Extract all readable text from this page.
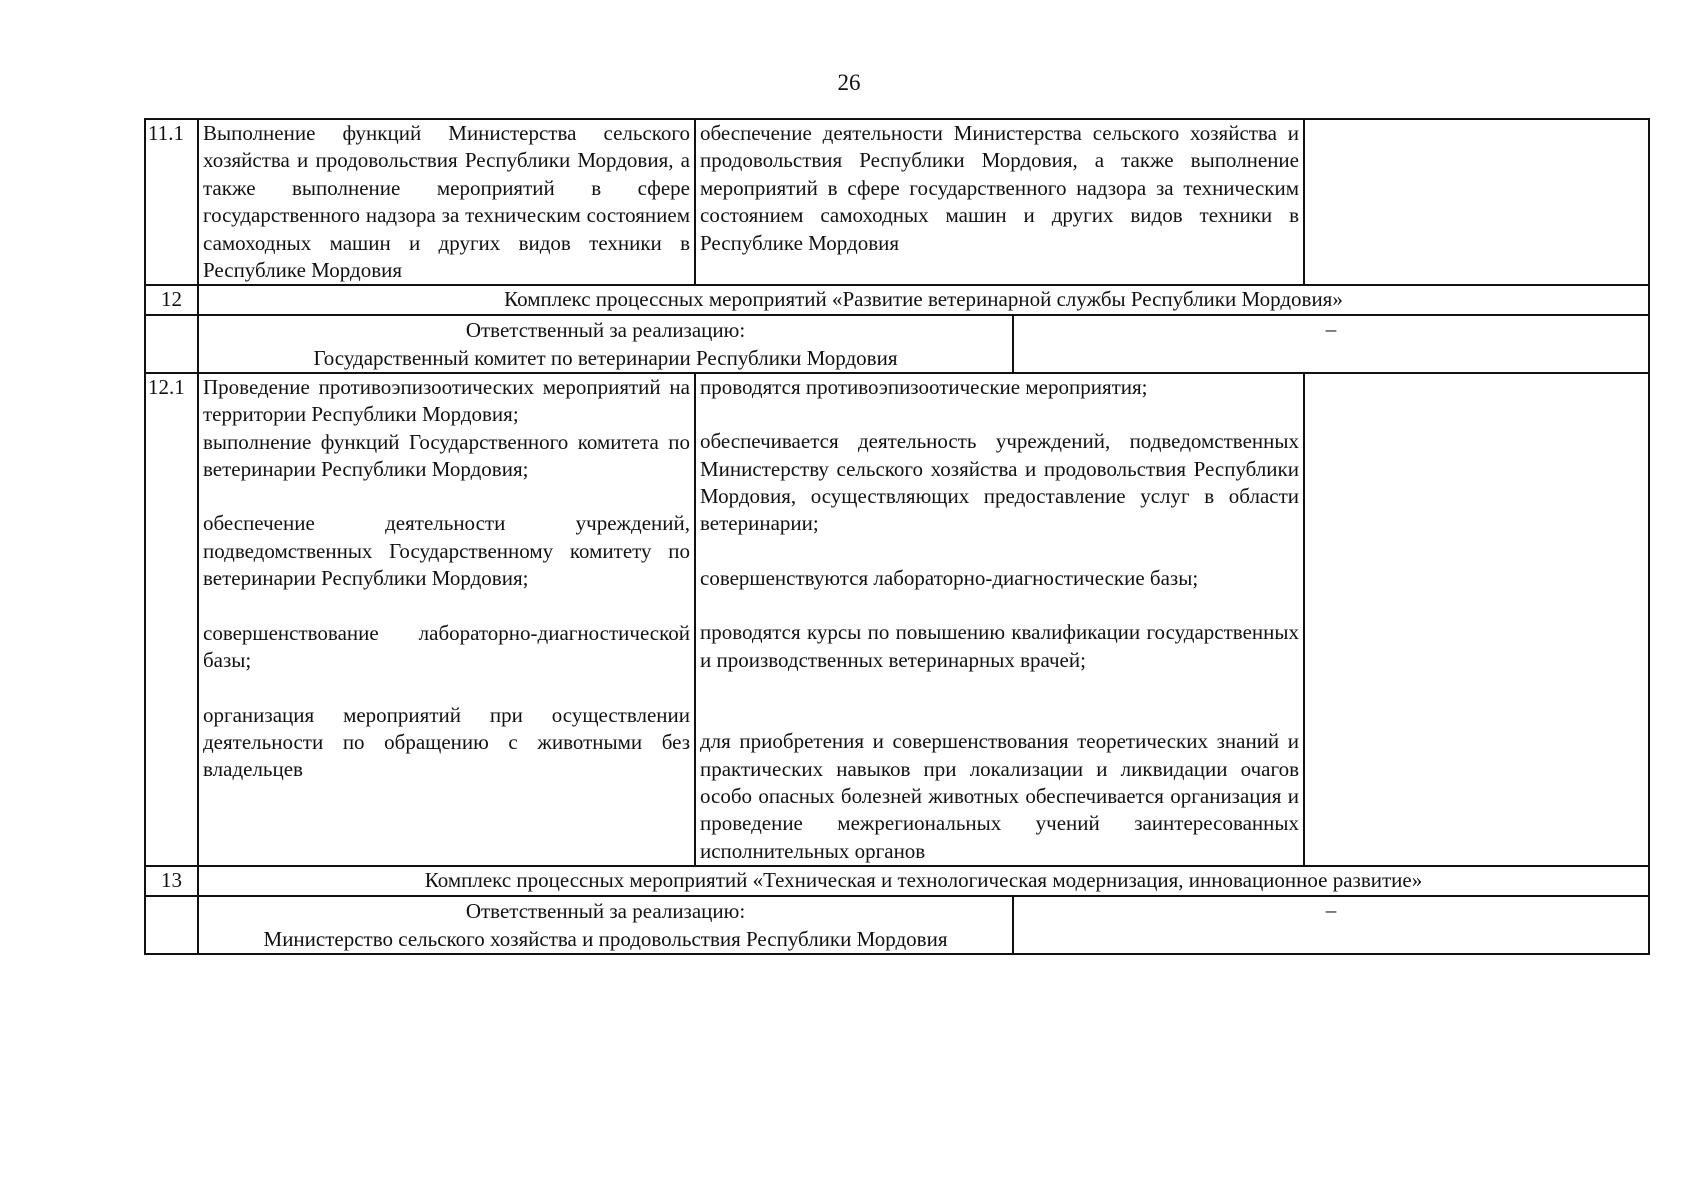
26
11.1 Выполнение функций Министерства сельского хозяйства и продовольствия Республики Мордовия, а также выполнение мероприятий в сфере государственного надзора за техническим состоянием самоходных машин и других видов техники в Республике Мордовия
обеспечение деятельности Министерства сельского хозяйства и продовольствия Республики Мордовия, а также выполнение мероприятий в сфере государственного надзора за техническим состоянием самоходных машин и других видов техники в Республике Мордовия
12	Комплекс процессных мероприятий «Развитие ветеринарной службы Республики Мордовия»

Ответственный за реализацию:

Государственный комитет по ветеринарии Республики Мордовия

–
12.1 Проведение противоэпизоотических мероприятий на территории Республики Мордовия;

выполнение функций Государственного комитета по ветеринарии Республики Мордовия;

обеспечение деятельности учреждений, подведомственных Государственному комитету по ветеринарии Республики Мордовия;

совершенствование лабораторно-диагностической базы;

организация мероприятий при осуществлении деятельности по обращению с животными без владельцев

проводятся противоэпизоотические мероприятия;

обеспечивается деятельность учреждений, подведомственных Министерству сельского хозяйства и продовольствия Республики Мордовия, осуществляющих предоставление услуг в области ветеринарии;

совершенствуются лабораторно-диагностические базы;

проводятся курсы по повышению квалификации государственных и производственных ветеринарных врачей;

для приобретения и совершенствования теоретических знаний и практических навыков при локализации и ликвидации очагов особо опасных болезней животных обеспечивается организация и проведение межрегиональных учений заинтересованных исполнительных органов

13	Комплекс процессных мероприятий «Техническая и технологическая модернизация, инновационное развитие»

Ответственный за реализацию:

Министерство сельского хозяйства и продовольствия Республики Мордовия

–
